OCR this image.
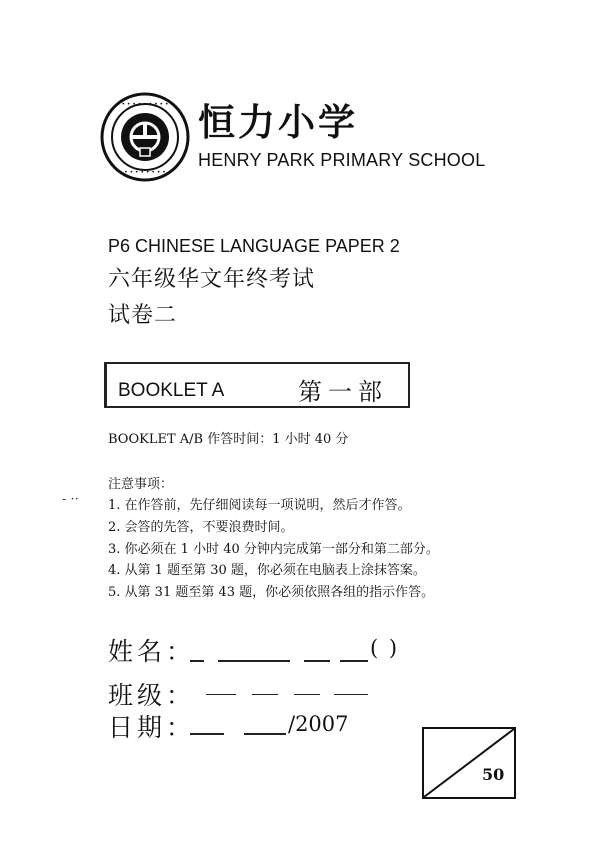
• • • • • • • • •
• • • • • • • •
恒力小学
HENRY PARK PRIMARY SCHOOL
P6 CHINESE LANGUAGE PAPER 2
六年级华文年终考试
试卷二
BOOKLET A	第一部
BOOKLET A/B 作答时间：1 小时 40 分
注意事项：
- ·· 1. 在作答前，先仔细阅读每一项说明，然后才作答。
2. 会答的先答，不要浪费时间。
3. 你必须在 1 小时 40 分钟内完成第一部分和第二部分。
4. 从第 1 题至第 30 题，你必须在电脑表上涂抹答案。
5. 从第 31 题至第 43 题，你必须依照各组的指示作答。
姓名：	( )
班级：
日期：	/2007
50
